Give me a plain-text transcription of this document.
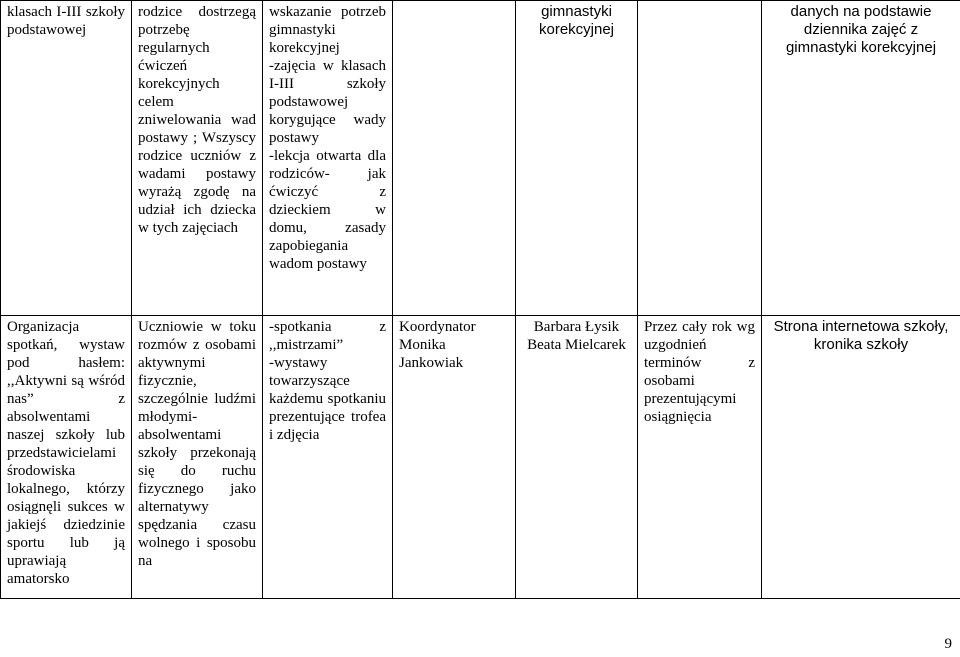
klasach I-III szkoły podstawowej	rodzice dostrzegą potrzebę regularnych ćwiczeń korekcyjnych celem zniwelowania wad postawy ; Wszyscy rodzice uczniów z wadami postawy wyrażą zgodę na udział ich dziecka w tych zajęciach	wskazanie potrzeb gimnastyki korekcyjnej
-zajęcia w klasach I-III szkoły podstawowej korygujące wady postawy
-lekcja otwarta dla rodziców- jak ćwiczyć z dzieckiem w domu, zasady zapobiegania wadom postawy		gimnastyki korekcyjnej		danych na podstawie dziennika zajęć z gimnastyki korekcyjnej
Organizacja spotkań, wystaw pod hasłem: ,,Aktywni są wśród nas” z absolwentami naszej szkoły lub przedstawicielami środowiska lokalnego, którzy osiągnęli sukces w jakiejś dziedzinie sportu lub ją uprawiają amatorsko	Uczniowie w toku rozmów z osobami aktywnymi fizycznie, szczególnie ludźmi młodymi-absolwentami szkoły przekonają się do ruchu fizycznego jako alternatywy spędzania czasu wolnego i sposobu na	-spotkania z ,,mistrzami”
-wystawy towarzyszące każdemu spotkaniu prezentujące trofea i zdjęcia	Koordynator Monika Jankowiak	Barbara Łysik Beata Mielcarek	Przez cały rok wg uzgodnień terminów z osobami prezentującymi osiągnięcia	Strona internetowa szkoły, kronika szkoły
9
